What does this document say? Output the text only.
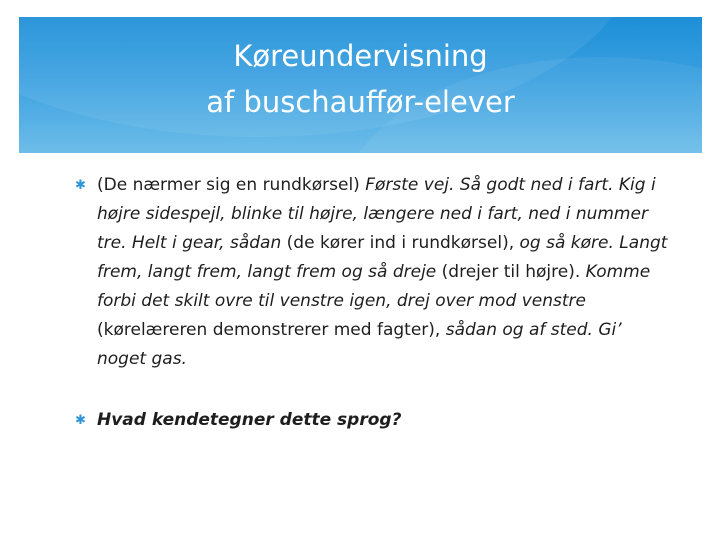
Køreundervisning
af buschauffør-elever
✱ (De nærmer sig en rundkørsel) Første vej. Så godt ned i fart. Kig i højre sidespejl, blinke til højre, længere ned i fart, ned i nummer tre. Helt i gear, sådan (de kører ind i rundkørsel), og så køre. Langt frem, langt frem, langt frem og så dreje (drejer til højre). Komme forbi det skilt ovre til venstre igen, drej over mod venstre (kørelæreren demonstrerer med fagter), sådan og af sted. Gi’ noget gas.
✱ Hvad kendetegner dette sprog?
